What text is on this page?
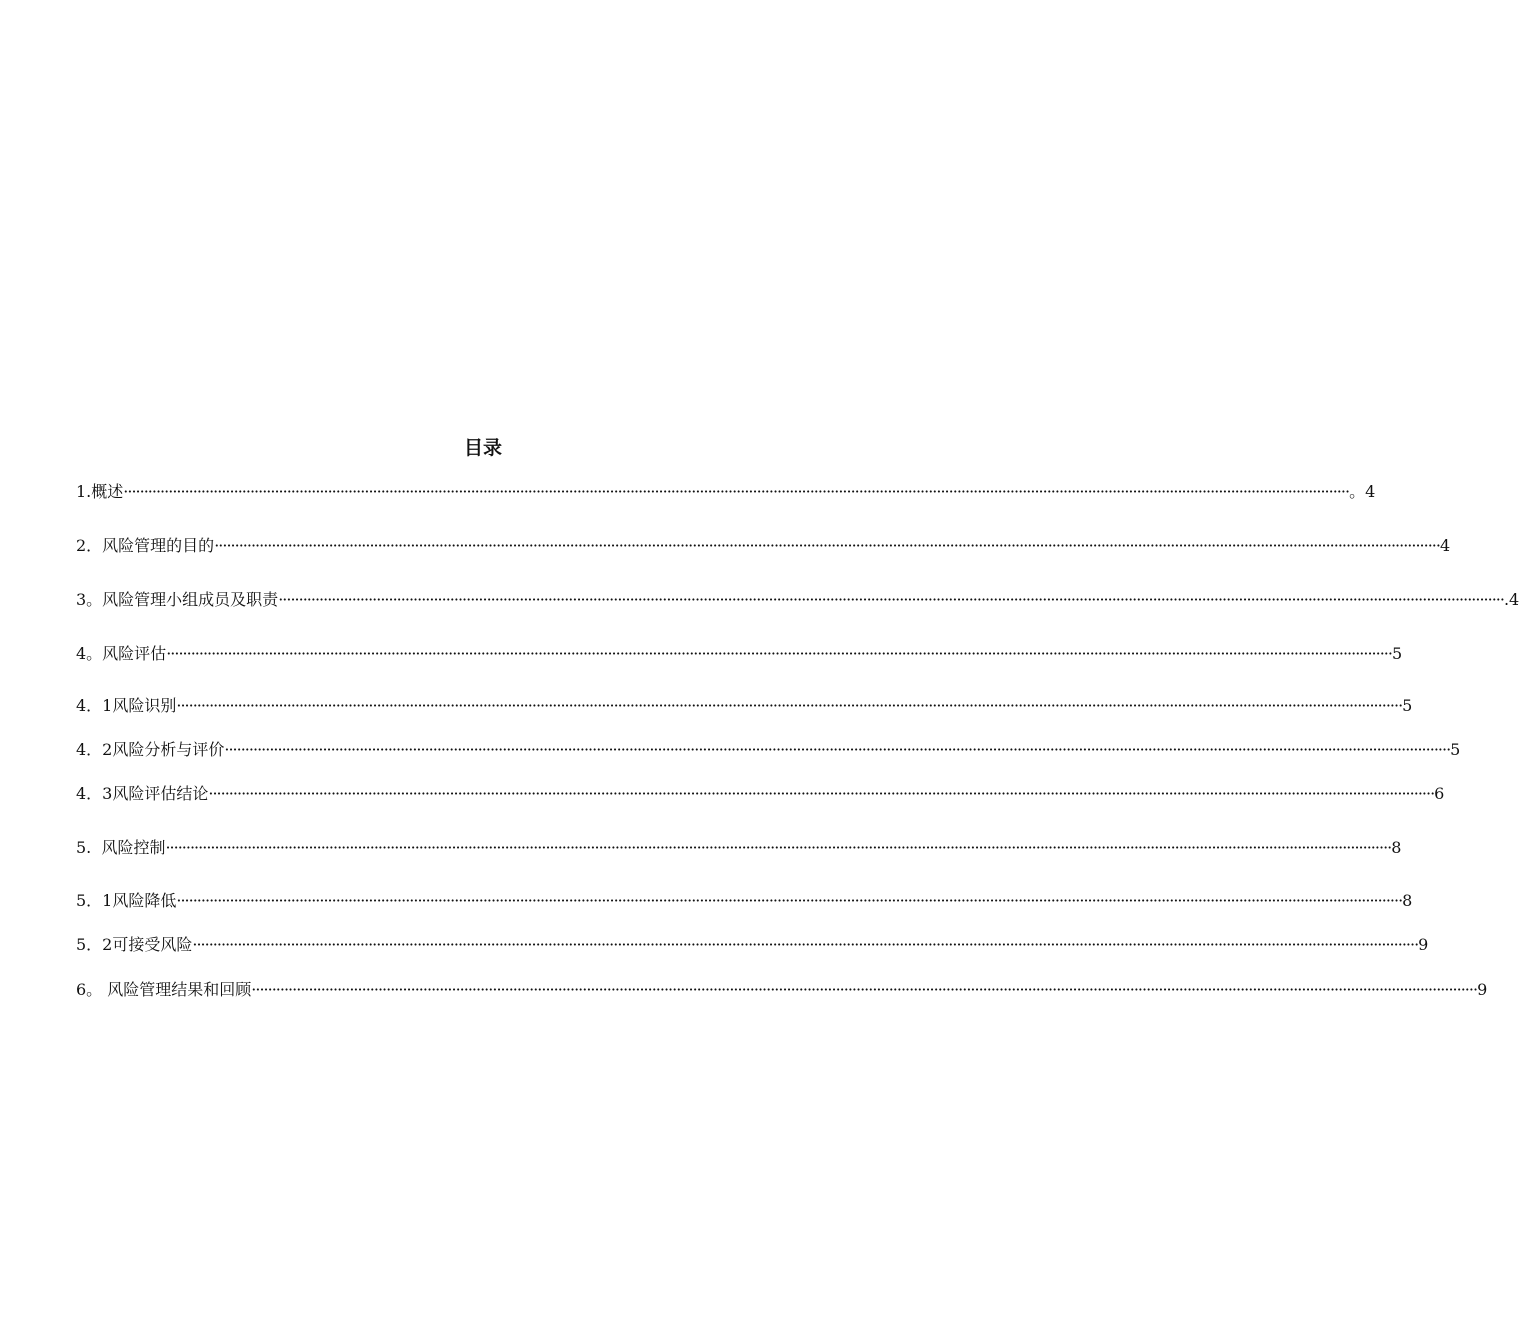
目录
1.概述 ············································································································································································································································································································ 。4
2．风险管理的目的 ············································································································································································································································································································ 4
3。风险管理小组成员及职责 ············································································································································································································································································································ .4
4。风险评估 ············································································································································································································································································································ 5
4．1风险识别 ············································································································································································································································································································ 5
4．2风险分析与评价 ············································································································································································································································································································ 5
4．3风险评估结论 ············································································································································································································································································································ 6
5.  风险控制 ············································································································································································································································································································ 8
5．1风险降低 ············································································································································································································································································································ 8
5．2可接受风险 ············································································································································································································································································································ 9
6。 风险管理结果和回顾 ············································································································································································································································································································ 9
